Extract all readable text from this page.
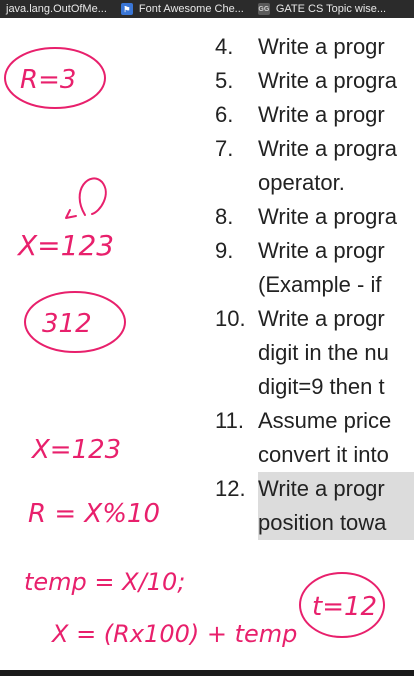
java.lang.OutOfMe...	⚑ Font Awesome Che... GG GATE CS Topic wise...
4. Write a progr
5. Write a progra
6. Write a progr
7. Write a progra
operator.
8. Write a progra
9. Write a progr
(Example - if
10. Write a progr
digit in the nu
digit=9 then t
11. Assume price
convert it into
12. Write a progr
position towa
R=3
X=123
312
X=123
R = X%10
temp = X/10;
X = (Rx100) + temp
t=12
